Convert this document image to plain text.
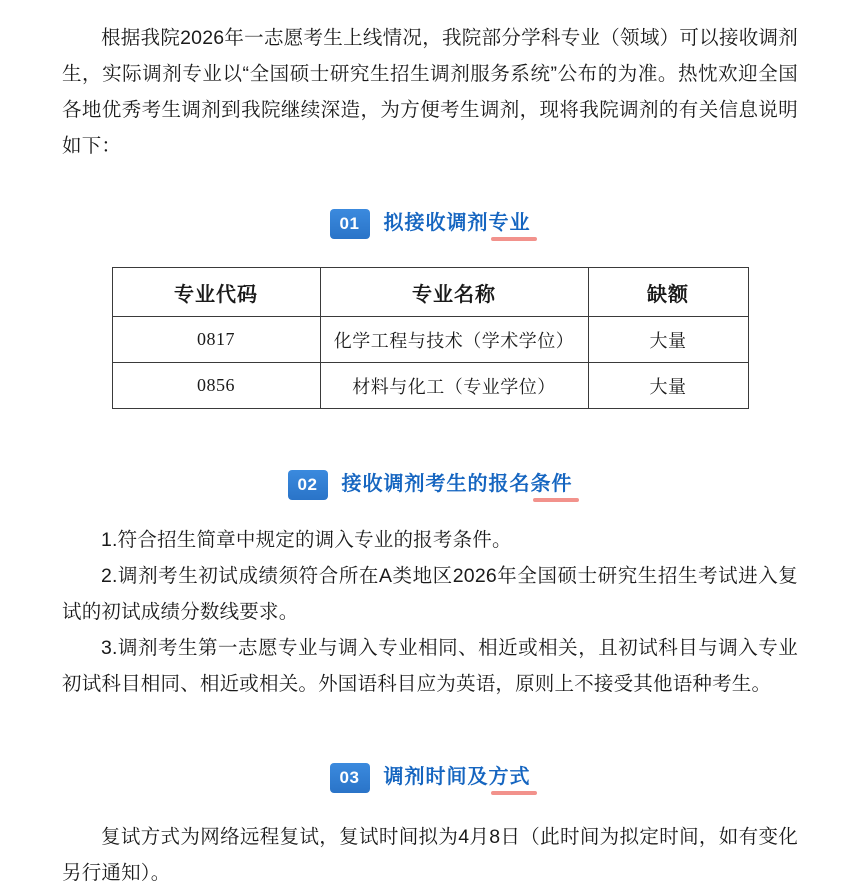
根据我院2026年一志愿考生上线情况，我院部分学科专业（领域）可以接收调剂生，实际调剂专业以“全国硕士研究生招生调剂服务系统”公布的为准。热忱欢迎全国各地优秀考生调剂到我院继续深造，为方便考生调剂，现将我院调剂的有关信息说明如下：

01	拟接收调剂专业
专业代码	专业名称	缺额
0817	化学工程与技术（学术学位）	大量
0856	材料与化工（专业学位）	大量
02	接收调剂考生的报名条件

1.符合招生简章中规定的调入专业的报考条件。

2.调剂考生初试成绩须符合所在A类地区2026年全国硕士研究生招生考试进入复试的初试成绩分数线要求。

3.调剂考生第一志愿专业与调入专业相同、相近或相关，且初试科目与调入专业初试科目相同、相近或相关。外国语科目应为英语，原则上不接受其他语种考生。

03	调剂时间及方式

复试方式为网络远程复试，复试时间拟为4月8日（此时间为拟定时间，如有变化另行通知）。
